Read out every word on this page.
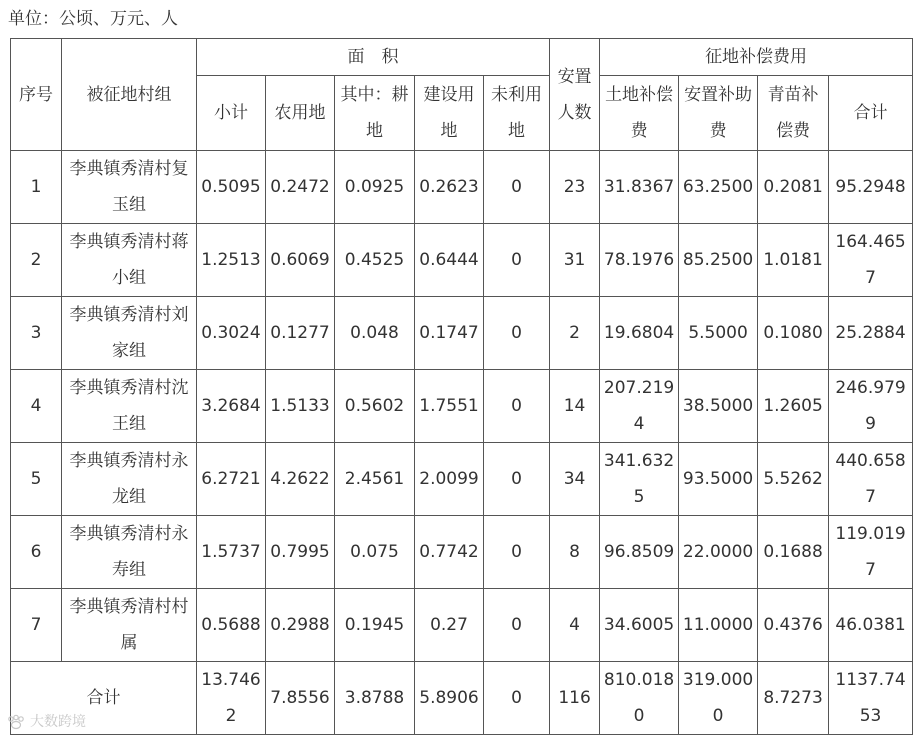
单位：公顷、万元、人
序号	被征地村组	面　积					安置人数	征地补偿费用			
		小计	农用地	其中：耕地	建设用地	未利用地		土地补偿费	安置补助费	青苗补偿费	合计
1	李典镇秀清村复玉组	0.5095	0.2472	0.0925	0.2623	0	23	31.8367	63.2500	0.2081	95.2948
2	李典镇秀清村蒋小组	1.2513	0.6069	0.4525	0.6444	0	31	78.1976	85.2500	1.0181	164.4657
3	李典镇秀清村刘家组	0.3024	0.1277	0.048	0.1747	0	2	19.6804	5.5000	0.1080	25.2884
4	李典镇秀清村沈王组	3.2684	1.5133	0.5602	1.7551	0	14	207.2194	38.5000	1.2605	246.9799
5	李典镇秀清村永龙组	6.2721	4.2622	2.4561	2.0099	0	34	341.6325	93.5000	5.5262	440.6587
6	李典镇秀清村永寿组	1.5737	0.7995	0.075	0.7742	0	8	96.8509	22.0000	0.1688	119.0197
7	李典镇秀清村村属	0.5688	0.2988	0.1945	0.27	0	4	34.6005	11.0000	0.4376	46.0381
合计		13.7462	7.8556	3.8788	5.8906	0	116	810.0180	319.0000	8.7273	1137.7453
大数跨境
